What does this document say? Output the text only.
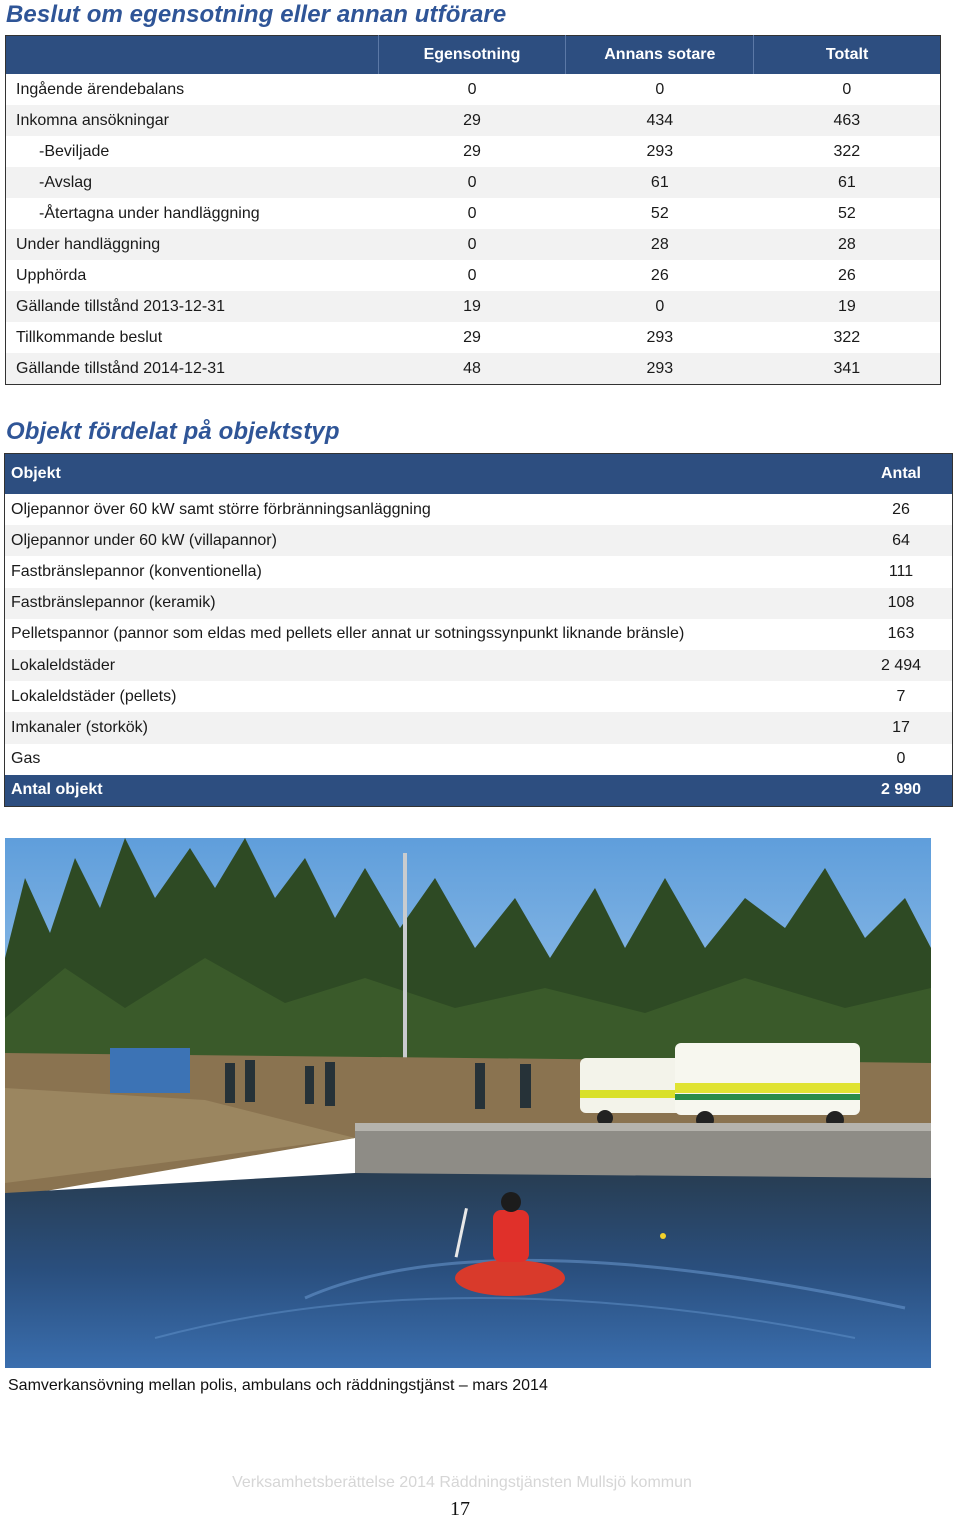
Beslut om egensotning eller annan utförare
	Egensotning	Annans sotare	Totalt
Ingående ärendebalans	0	0	0
Inkomna ansökningar	29	434	463
-Beviljade	29	293	322
-Avslag	0	61	61
-Återtagna under handläggning	0	52	52
Under handläggning	0	28	28
Upphörda	0	26	26
Gällande tillstånd 2013-12-31	19	0	19
Tillkommande beslut	29	293	322
Gällande tillstånd 2014-12-31	48	293	341
Objekt fördelat på objektstyp
Objekt	Antal
Oljepannor över 60 kW samt större förbränningsanläggning	26
Oljepannor under 60 kW (villapannor)	64
Fastbränslepannor (konventionella)	111
Fastbränslepannor (keramik)	108
Pelletspannor (pannor som eldas med pellets eller annat ur sotningssynpunkt liknande bränsle)	163
Lokaleldstäder	2 494
Lokaleldstäder (pellets)	7
Imkanaler (storkök)	17
Gas	0
Antal objekt	2 990
Samverkansövning mellan polis, ambulans och räddningstjänst – mars 2014
Verksamhetsberättelse 2014 Räddningstjänsten Mullsjö kommun
17
